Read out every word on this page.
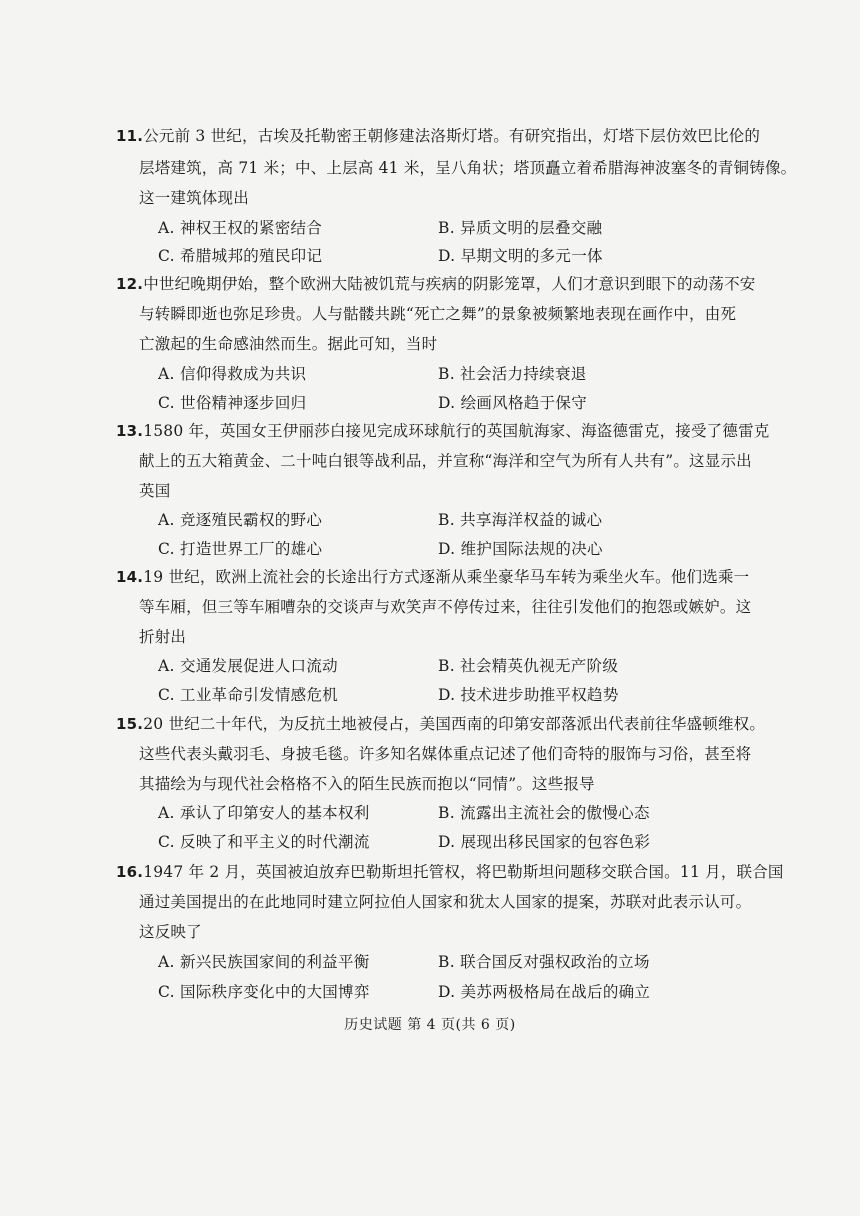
11.公元前 3 世纪，古埃及托勒密王朝修建法洛斯灯塔。有研究指出，灯塔下层仿效巴比伦的
层塔建筑，高 71 米；中、上层高 41 米，呈八角状；塔顶矗立着希腊海神波塞冬的青铜铸像。
这一建筑体现出
A. 神权王权的紧密结合	B. 异质文明的层叠交融
C. 希腊城邦的殖民印记	D. 早期文明的多元一体
12.中世纪晚期伊始，整个欧洲大陆被饥荒与疾病的阴影笼罩，人们才意识到眼下的动荡不安
与转瞬即逝也弥足珍贵。人与骷髅共跳“死亡之舞”的景象被频繁地表现在画作中，由死
亡激起的生命感油然而生。据此可知，当时
A. 信仰得救成为共识	B. 社会活力持续衰退
C. 世俗精神逐步回归	D. 绘画风格趋于保守
13.1580 年，英国女王伊丽莎白接见完成环球航行的英国航海家、海盗德雷克，接受了德雷克
献上的五大箱黄金、二十吨白银等战利品，并宣称“海洋和空气为所有人共有”。这显示出
英国
A. 竞逐殖民霸权的野心	B. 共享海洋权益的诚心
C. 打造世界工厂的雄心	D. 维护国际法规的决心
14.19 世纪，欧洲上流社会的长途出行方式逐渐从乘坐豪华马车转为乘坐火车。他们选乘一
等车厢，但三等车厢嘈杂的交谈声与欢笑声不停传过来，往往引发他们的抱怨或嫉妒。这
折射出
A. 交通发展促进人口流动	B. 社会精英仇视无产阶级
C. 工业革命引发情感危机	D. 技术进步助推平权趋势
15.20 世纪二十年代，为反抗土地被侵占，美国西南的印第安部落派出代表前往华盛顿维权。
这些代表头戴羽毛、身披毛毯。许多知名媒体重点记述了他们奇特的服饰与习俗，甚至将
其描绘为与现代社会格格不入的陌生民族而抱以“同情”。这些报导
A. 承认了印第安人的基本权利	B. 流露出主流社会的傲慢心态
C. 反映了和平主义的时代潮流	D. 展现出移民国家的包容色彩
16.1947 年 2 月，英国被迫放弃巴勒斯坦托管权，将巴勒斯坦问题移交联合国。11 月，联合国
通过美国提出的在此地同时建立阿拉伯人国家和犹太人国家的提案，苏联对此表示认可。
这反映了
A. 新兴民族国家间的利益平衡	B. 联合国反对强权政治的立场
C. 国际秩序变化中的大国博弈	D. 美苏两极格局在战后的确立
历史试题 第 4 页(共 6 页)
